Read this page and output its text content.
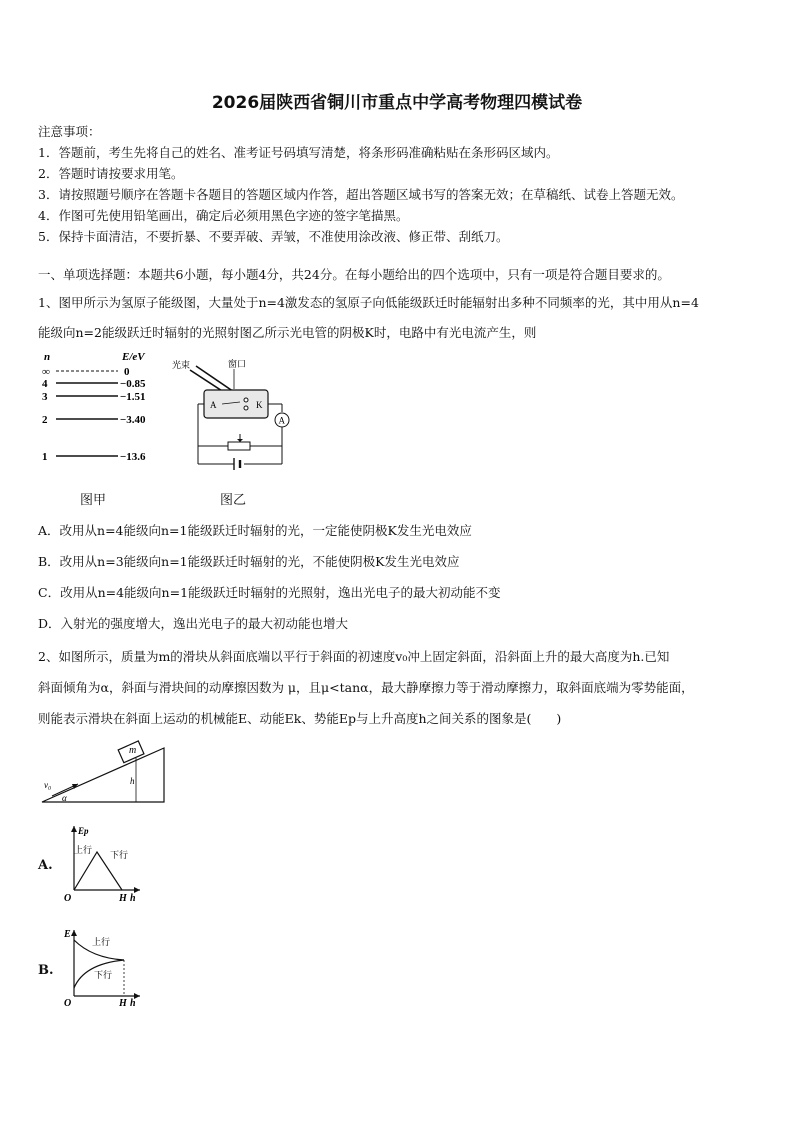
2026届陕西省铜川市重点中学高考物理四模试卷
注意事项：
1．答题前，考生先将自己的姓名、准考证号码填写清楚，将条形码准确粘贴在条形码区域内。
2．答题时请按要求用笔。
3．请按照题号顺序在答题卡各题目的答题区域内作答，超出答题区域书写的答案无效；在草稿纸、试卷上答题无效。
4．作图可先使用铅笔画出，确定后必须用黑色字迹的签字笔描黑。
5．保持卡面清洁，不要折暴、不要弄破、弄皱，不准使用涂改液、修正带、刮纸刀。
一、单项选择题：本题共6小题，每小题4分，共24分。在每小题给出的四个选项中，只有一项是符合题目要求的。
1、图甲所示为氢原子能级图，大量处于n=4激发态的氢原子向低能级跃迁时能辐射出多种不同频率的光，其中用从n=4
能级向n=2能级跃迁时辐射的光照射图乙所示光电管的阴极K时，电路中有光电流产生，则
n	E/eV
∞	0
4	−0.85
3	−1.51
2	−3.40
1	−13.6
光束	窗口
A	K
A
图甲	图乙
A．改用从n=4能级向n=1能级跃迁时辐射的光，一定能使阴极K发生光电效应
B．改用从n=3能级向n=1能级跃迁时辐射的光，不能使阴极K发生光电效应
C．改用从n=4能级向n=1能级跃迁时辐射的光照射，逸出光电子的最大初动能不变
D．入射光的强度增大，逸出光电子的最大初动能也增大
2、如图所示，质量为m的滑块从斜面底端以平行于斜面的初速度v₀冲上固定斜面，沿斜面上升的最大高度为h.已知
斜面倾角为α，斜面与滑块间的动摩擦因数为 μ，且μ<tanα，最大静摩擦力等于滑动摩擦力，取斜面底端为零势能面，
则能表示滑块在斜面上运动的机械能E、动能Ek、势能Ep与上升高度h之间关系的图象是(　　)
m
v₀
α
h
A.
Ep
上行 下行
O	H h
B.
E
上行
下行
O	H h
